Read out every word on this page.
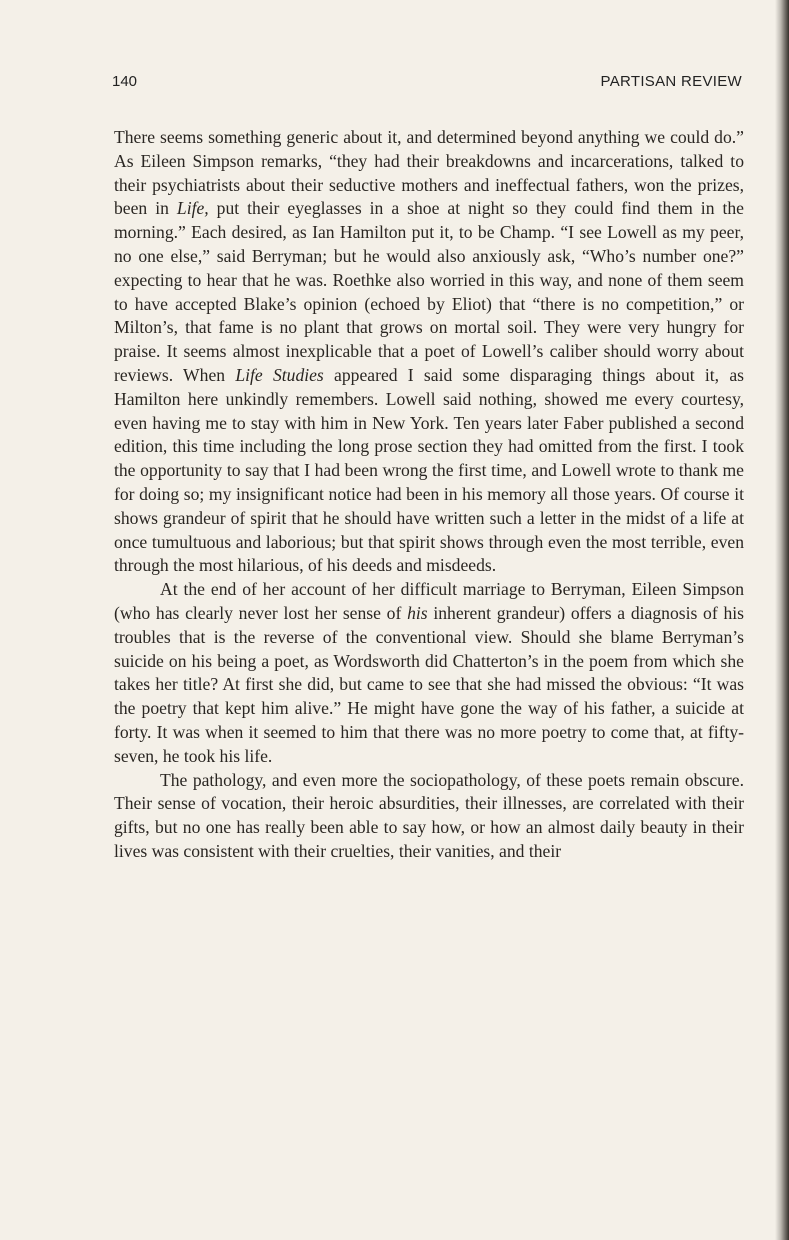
140	PARTISAN REVIEW

There seems something generic about it, and determined beyond anything we could do.” As Eileen Simpson remarks, “they had their breakdowns and incarcerations, talked to their psychiatrists about their seductive mothers and ineffectual fathers, won the prizes, been in Life, put their eyeglasses in a shoe at night so they could find them in the morning.” Each desired, as Ian Hamilton put it, to be Champ. “I see Lowell as my peer, no one else,” said Berryman; but he would also anxiously ask, “Who’s number one?” expecting to hear that he was. Roethke also worried in this way, and none of them seem to have accepted Blake’s opinion (echoed by Eliot) that “there is no competition,” or Milton’s, that fame is no plant that grows on mortal soil. They were very hungry for praise. It seems almost inexplicable that a poet of Lowell’s caliber should worry about reviews. When Life Studies appeared I said some disparaging things about it, as Hamilton here unkindly remembers. Lowell said nothing, showed me every courtesy, even having me to stay with him in New York. Ten years later Faber published a second edition, this time including the long prose section they had omitted from the first. I took the opportunity to say that I had been wrong the first time, and Lowell wrote to thank me for doing so; my insignificant notice had been in his memory all those years. Of course it shows grandeur of spirit that he should have written such a letter in the midst of a life at once tumultuous and laborious; but that spirit shows through even the most terrible, even through the most hilarious, of his deeds and misdeeds.

At the end of her account of her difficult marriage to Berryman, Eileen Simpson (who has clearly never lost her sense of his inherent grandeur) offers a diagnosis of his troubles that is the reverse of the conventional view. Should she blame Berryman’s suicide on his being a poet, as Wordsworth did Chatterton’s in the poem from which she takes her title? At first she did, but came to see that she had missed the obvious: “It was the poetry that kept him alive.” He might have gone the way of his father, a suicide at forty. It was when it seemed to him that there was no more poetry to come that, at fifty-seven, he took his life.

The pathology, and even more the sociopathology, of these poets remain obscure. Their sense of vocation, their heroic absurdities, their illnesses, are correlated with their gifts, but no one has really been able to say how, or how an almost daily beauty in their lives was consistent with their cruelties, their vanities, and their
